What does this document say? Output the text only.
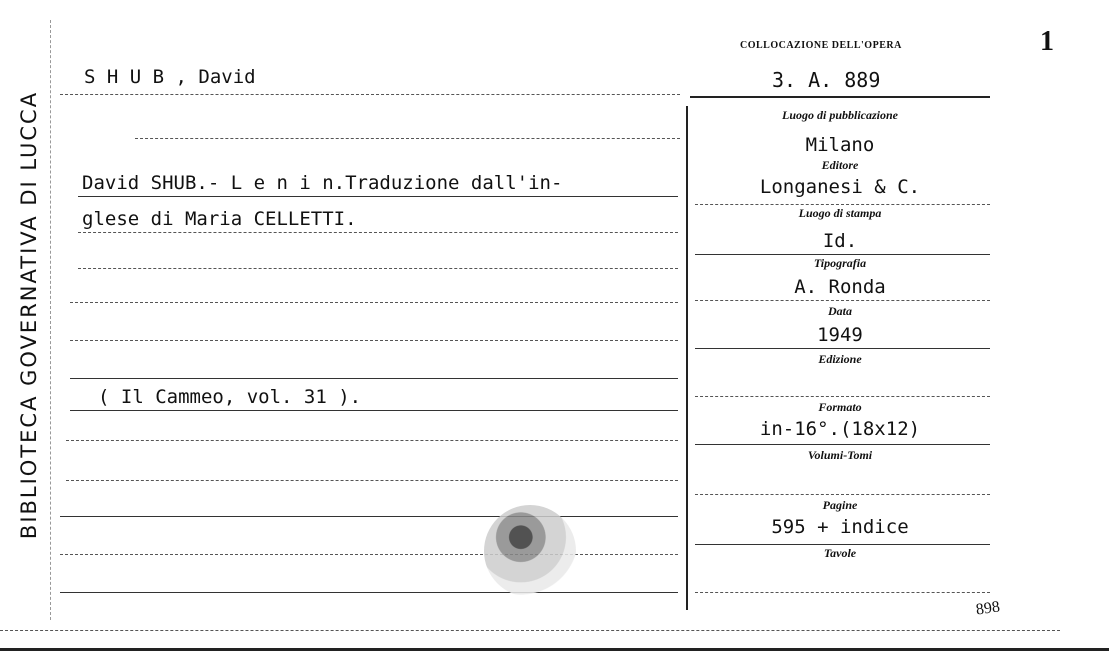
BIBLIOTECA GOVERNATIVA DI LUCCA
COLLOCAZIONE DELL'OPERA
3. A. 889
1
S H U B , David
David SHUB.- L e n i n.Traduzione dall'in-
glese di Maria CELLETTI.
( Il Cammeo, vol. 31 ).
Luogo di pubblicazione
Milano
Editore
Longanesi & C.
Luogo di stampa
Id.
Tipografia
A. Ronda
Data
1949
Edizione
Formato
in-16°.(18x12)
Volumi-Tomi
Pagine
595 + indice
Tavole
898
